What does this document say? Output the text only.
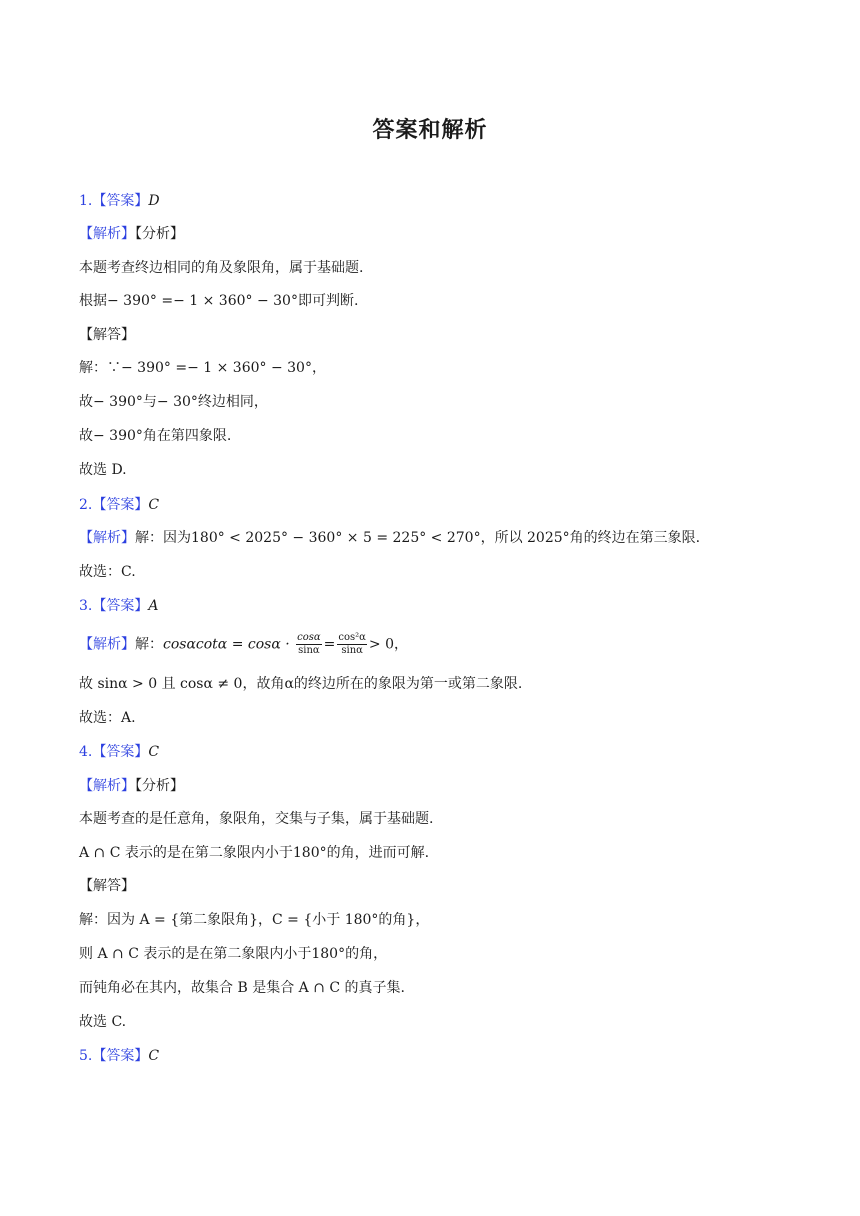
答案和解析
1.【答案】D
【解析】【分析】
本题考查终边相同的角及象限角，属于基础题.
根据− 390° =− 1 × 360° − 30°即可判断.
【解答】
解：∵− 390° =− 1 × 360° − 30°，
故− 390°与− 30°终边相同，
故− 390°角在第四象限.
故选 D.
2.【答案】C
【解析】解：因为180° < 2025° − 360° × 5 = 225° < 270°，所以 2025°角的终边在第三象限.
故选：C.
3.【答案】A
【解析】解：$\cos\alpha\cot\alpha = \cos\alpha \cdot \frac{\cos\alpha}{\sin\alpha} = \frac{\text{cos²α}}{\sin\alpha} > 0$，
故 sinα > 0 且 cosα ≠ 0，故角α的终边所在的象限为第一或第二象限.
故选：A.
4.【答案】C
【解析】【分析】
本题考查的是任意角，象限角，交集与子集，属于基础题.
A ∩ C 表示的是在第二象限内小于180°的角，进而可解.
【解答】
解：因为 A = {第二象限角}，C = {小于 180°的角}，
则 A ∩ C 表示的是在第二象限内小于180°的角，
而钝角必在其内，故集合 B 是集合 A ∩ C 的真子集.
故选 C.
5.【答案】C
